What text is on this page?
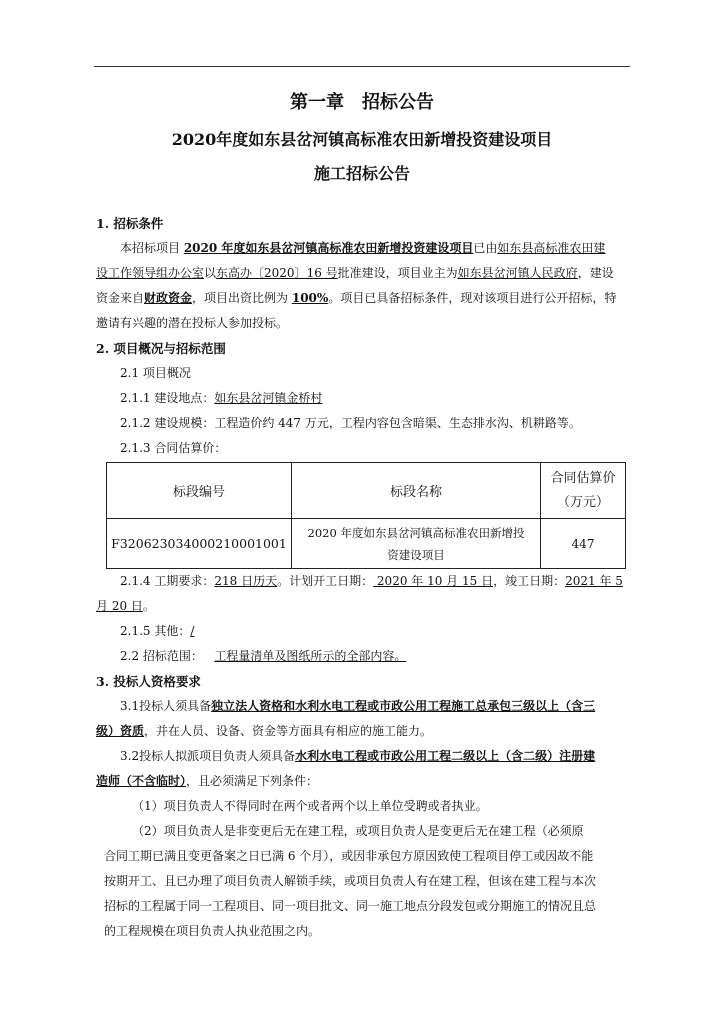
第一章　招标公告
2020年度如东县岔河镇高标准农田新增投资建设项目
施工招标公告
1. 招标条件
本招标项目 2020 年度如东县岔河镇高标准农田新增投资建设项目已由如东县高标准农田建
设工作领导组办公室以东高办〔2020〕16 号批准建设，项目业主为如东县岔河镇人民政府，建设
资金来自财政资金，项目出资比例为 100%。项目已具备招标条件，现对该项目进行公开招标，特
邀请有兴趣的潜在投标人参加投标。
2. 项目概况与招标范围
2.1 项目概况
2.1.1 建设地点：如东县岔河镇金桥村
2.1.2 建设规模：工程造价约 447 万元，工程内容包含暗渠、生态排水沟、机耕路等。
2.1.3 合同估算价：
标段编号	标段名称	合同估算价
（万元）

F320623034000210001001	2020 年度如东县岔河镇高标准农田新增投
资建设项目	447
2.1.4 工期要求：218 日历天。计划开工日期： 2020 年 10 月 15 日，竣工日期：2021 年 5
月 20 日。
2.1.5 其他：/
2.2 招标范围： 工程量清单及图纸所示的全部内容。
3. 投标人资格要求
3.1投标人须具备独立法人资格和水利水电工程或市政公用工程施工总承包三级以上（含三
级）资质，并在人员、设备、资金等方面具有相应的施工能力。
3.2投标人拟派项目负责人须具备水利水电工程或市政公用工程二级以上（含二级）注册建
造师（不含临时），且必须满足下列条件：
（1）项目负责人不得同时在两个或者两个以上单位受聘或者执业。
（2）项目负责人是非变更后无在建工程，或项目负责人是变更后无在建工程（必须原
合同工期已满且变更备案之日已满 6 个月），或因非承包方原因致使工程项目停工或因故不能
按期开工、且已办理了项目负责人解锁手续，或项目负责人有在建工程，但该在建工程与本次
招标的工程属于同一工程项目、同一项目批文、同一施工地点分段发包或分期施工的情况且总
的工程规模在项目负责人执业范围之内。
